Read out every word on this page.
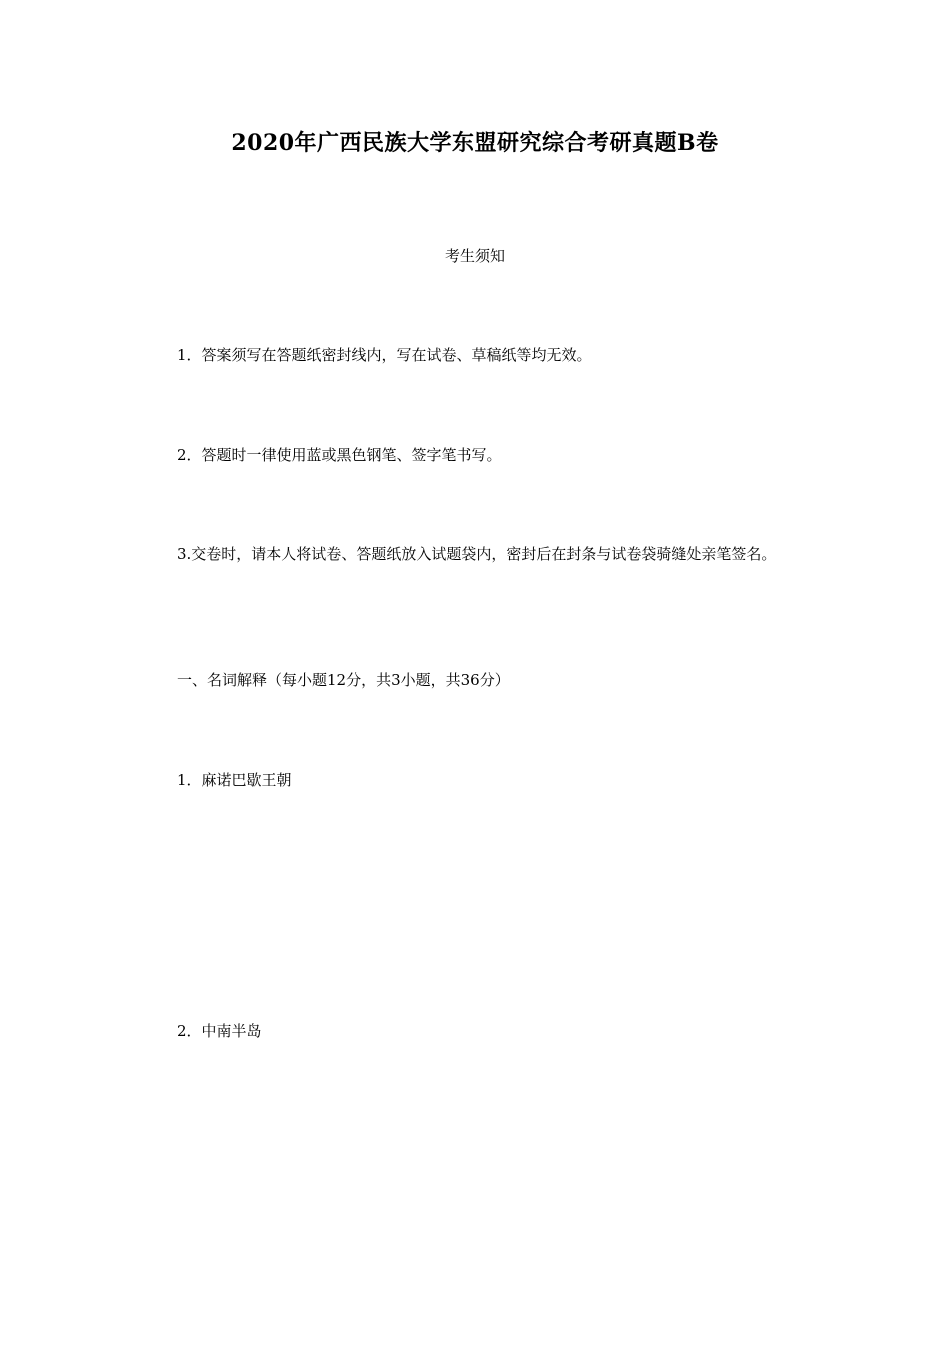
2020年广西民族大学东盟研究综合考研真题B卷
考生须知
1．答案须写在答题纸密封线内，写在试卷、草稿纸等均无效。
2．答题时一律使用蓝或黑色钢笔、签字笔书写。
3.交卷时，请本人将试卷、答题纸放入试题袋内，密封后在封条与试卷袋骑缝处亲笔签名。
一、名词解释（每小题12分，共3小题，共36分）
1．麻诺巴歇王朝
2．中南半岛
